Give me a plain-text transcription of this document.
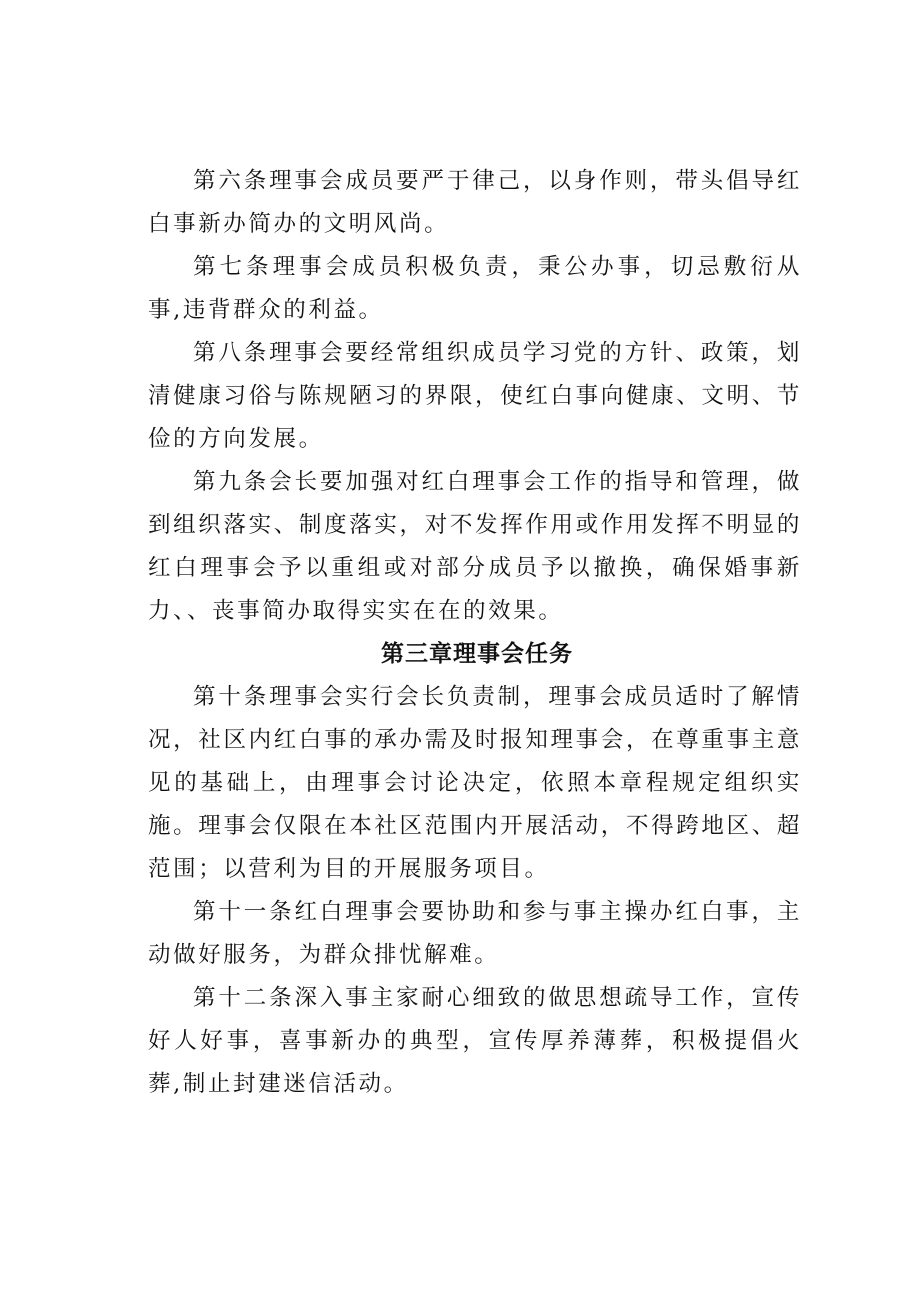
第六条理事会成员要严于律己，以身作则，带头倡导红白事新办简办的文明风尚。

第七条理事会成员积极负责，秉公办事，切忌敷衍从事,违背群众的利益。

第八条理事会要经常组织成员学习党的方针、政策，划清健康习俗与陈规陋习的界限，使红白事向健康、文明、节俭的方向发展。

第九条会长要加强对红白理事会工作的指导和管理，做到组织落实、制度落实，对不发挥作用或作用发挥不明显的红白理事会予以重组或对部分成员予以撤换，确保婚事新力、、丧事简办取得实实在在的效果。

第三章理事会任务

第十条理事会实行会长负责制，理事会成员适时了解情况，社区内红白事的承办需及时报知理事会，在尊重事主意见的基础上，由理事会讨论决定，依照本章程规定组织实施。理事会仅限在本社区范围内开展活动，不得跨地区、超范围；以营利为目的开展服务项目。

第十一条红白理事会要协助和参与事主操办红白事，主动做好服务，为群众排忧解难。

第十二条深入事主家耐心细致的做思想疏导工作，宣传好人好事，喜事新办的典型，宣传厚养薄葬，积极提倡火葬,制止封建迷信活动。
